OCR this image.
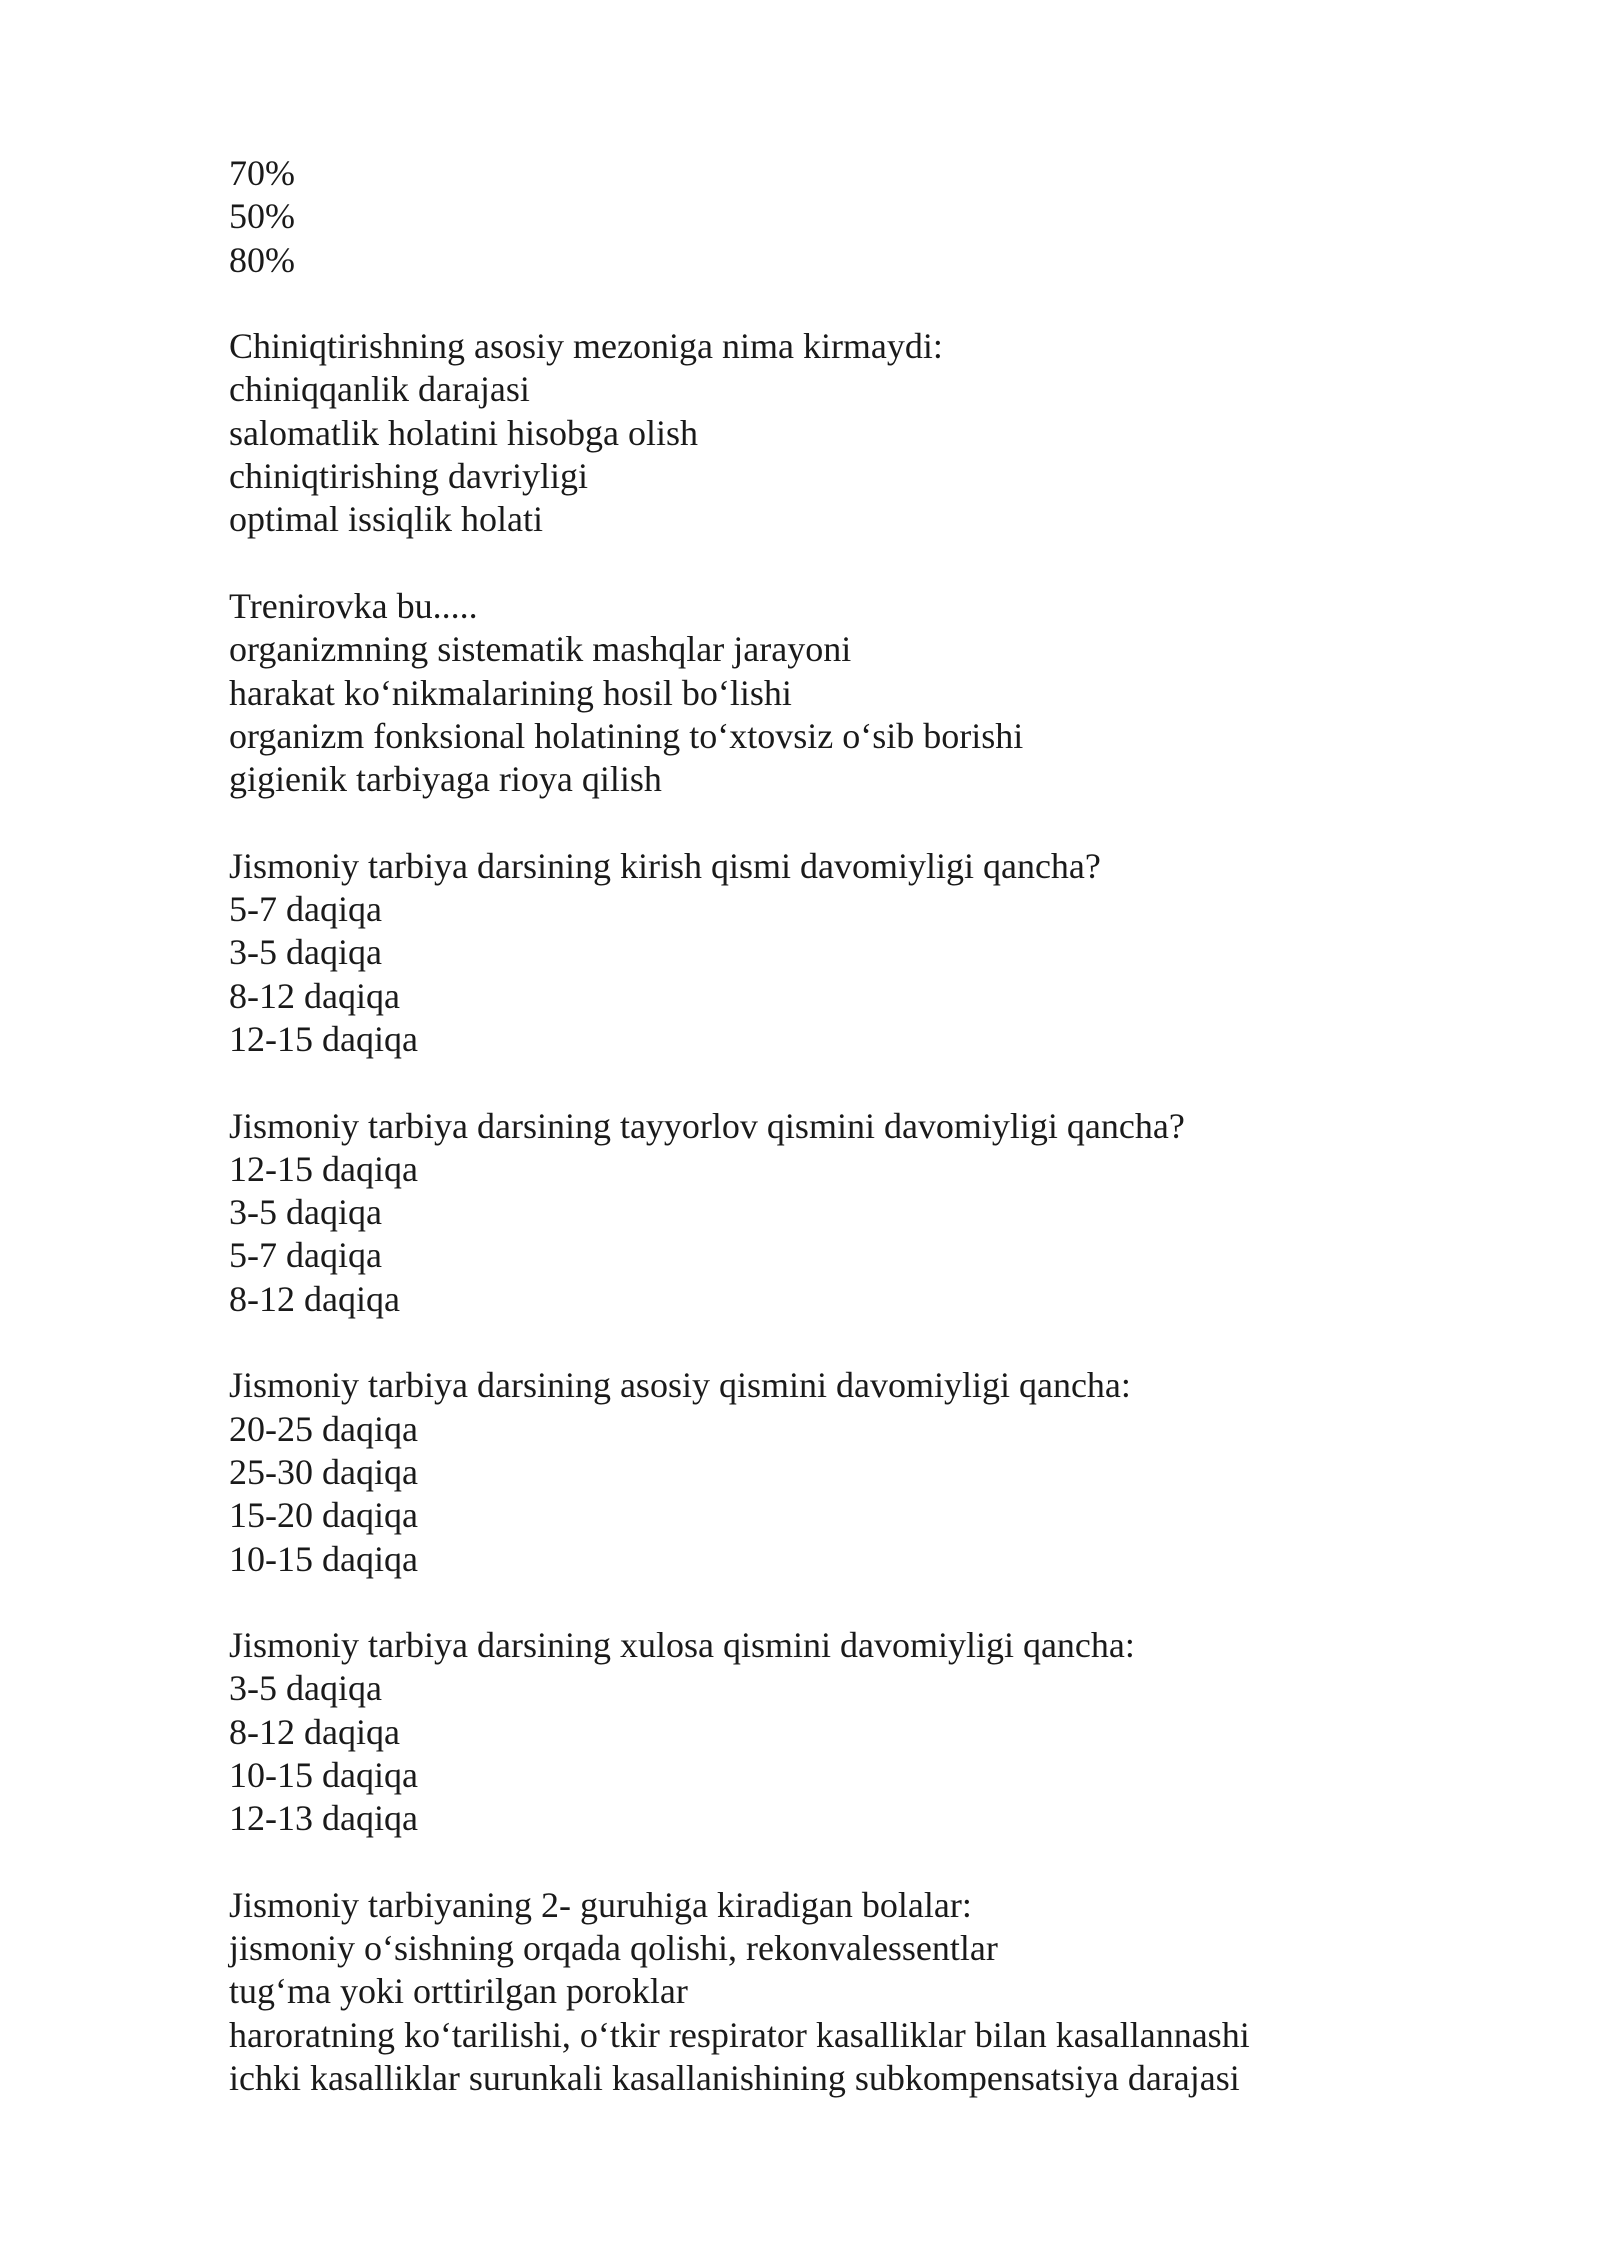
70%
50%
80%
Chiniqtirishning asosiy mezoniga nima kirmaydi:
chiniqqanlik darajasi
salomatlik holatini hisobga olish
chiniqtirishing davriyligi
optimal issiqlik holati
Trenirovka bu.....
organizmning sistematik mashqlar jarayoni
harakat koʻnikmalarining hosil boʻlishi
organizm fonksional holatining toʻxtovsiz oʻsib borishi
gigienik tarbiyaga rioya qilish
Jismoniy tarbiya darsining kirish qismi davomiyligi qancha?
5-7 daqiqa
3-5 daqiqa
8-12 daqiqa
12-15 daqiqa
Jismoniy tarbiya darsining tayyorlov qismini davomiyligi qancha?
12-15 daqiqa
3-5 daqiqa
5-7 daqiqa
8-12 daqiqa
Jismoniy tarbiya darsining asosiy qismini davomiyligi qancha:
20-25 daqiqa
25-30 daqiqa
15-20 daqiqa
10-15 daqiqa
Jismoniy tarbiya darsining xulosa qismini davomiyligi qancha:
3-5 daqiqa
8-12 daqiqa
10-15 daqiqa
12-13 daqiqa
Jismoniy tarbiyaning 2- guruhiga kiradigan bolalar:
jismoniy oʻsishning orqada qolishi, rekonvalessentlar
tugʻma yoki orttirilgan poroklar
haroratning koʻtarilishi, oʻtkir respirator kasalliklar bilan kasallannashi
ichki kasalliklar surunkali kasallanishining subkompensatsiya darajasi
